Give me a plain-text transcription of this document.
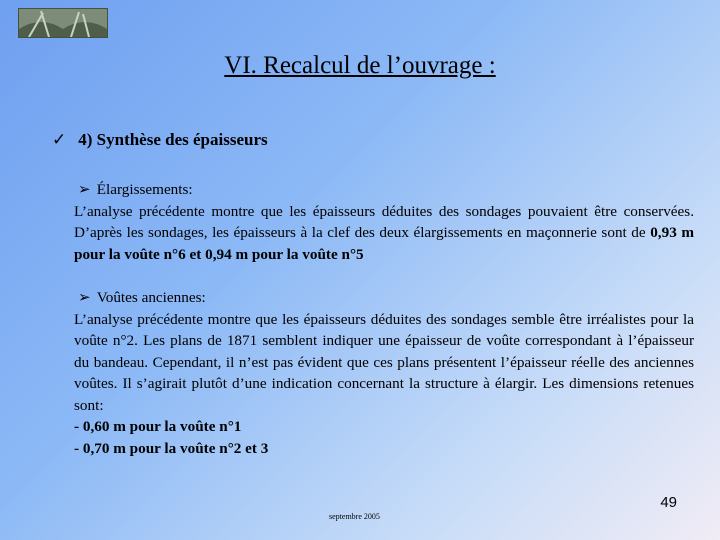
VI. Recalcul de l’ouvrage :
✓ 4) Synthèse des épaisseurs
➢ Élargissements:

L’analyse précédente montre que les épaisseurs déduites des sondages pouvaient être conservées. D’après les sondages, les épaisseurs à la clef des deux élargissements en maçonnerie sont de 0,93 m pour la voûte n°6 et 0,94 m pour la voûte n°5

➢ Voûtes anciennes:

L’analyse précédente montre que les épaisseurs déduites des sondages semble être irréalistes pour la voûte n°2. Les plans de 1871 semblent indiquer une épaisseur de voûte correspondant à l’épaisseur du bandeau. Cependant, il n’est pas évident que ces plans présentent l’épaisseur réelle des anciennes voûtes. Il s’agirait plutôt d’une indication concernant la structure à élargir. Les dimensions retenues sont:

- 0,60 m pour la voûte n°1
- 0,70 m pour la voûte n°2 et 3
49
septembre 2005
